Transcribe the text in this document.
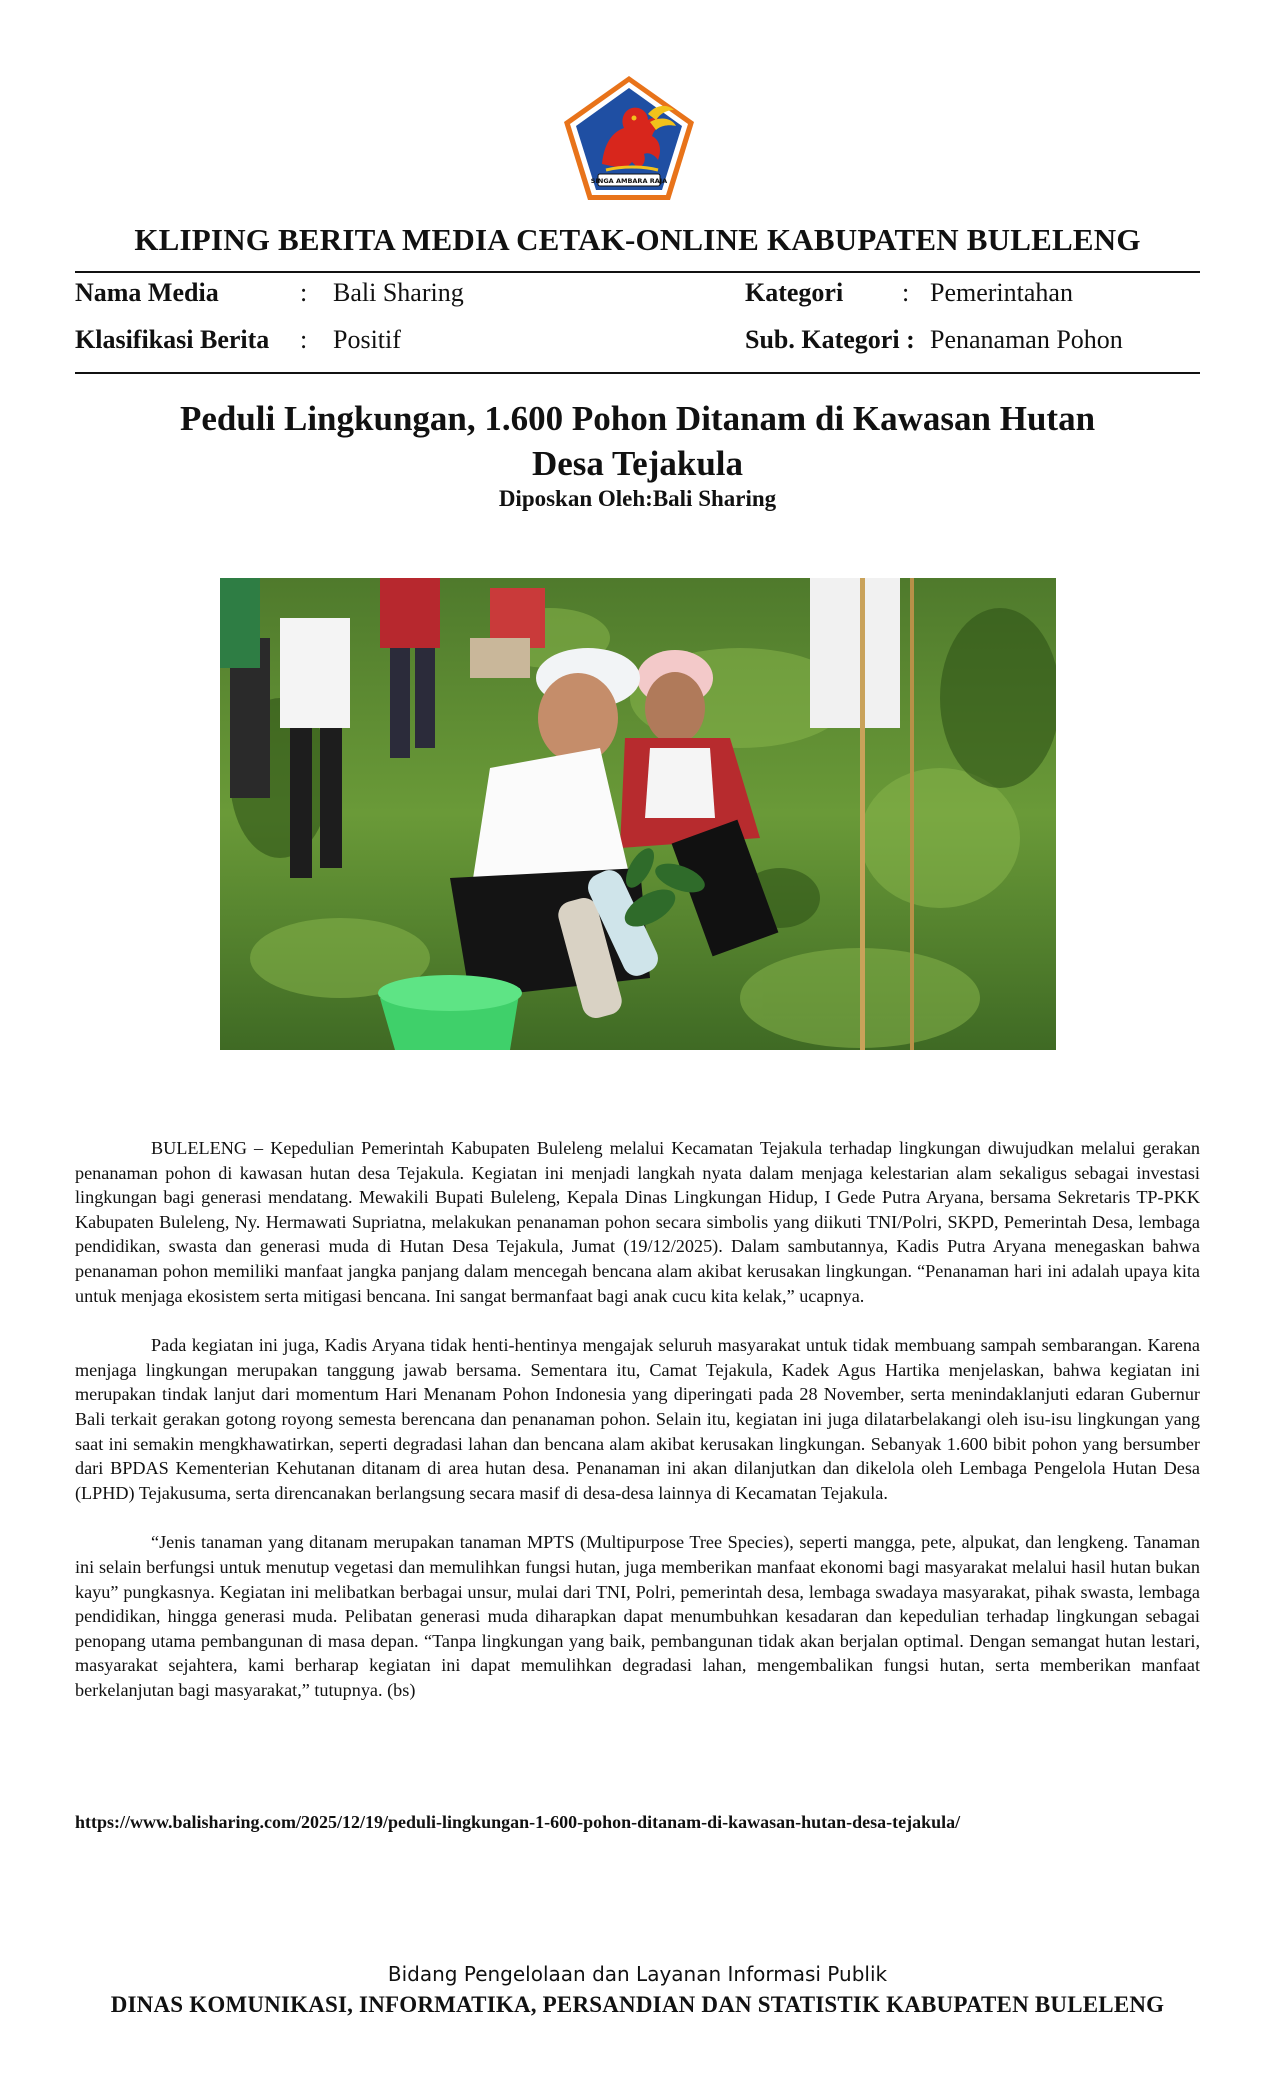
SINGA AMBARA RAJA
KLIPING BERITA MEDIA CETAK-ONLINE KABUPATEN BULELENG
Nama Media	: Bali Sharing	Kategori : Pemerintahan
Klasifikasi Berita : Positif	Sub. Kategori : Penanaman Pohon
Peduli Lingkungan, 1.600 Pohon Ditanam di Kawasan Hutan Desa Tejakula
Diposkan Oleh:Bali Sharing

BULELENG – Kepedulian Pemerintah Kabupaten Buleleng melalui Kecamatan Tejakula terhadap lingkungan diwujudkan melalui gerakan penanaman pohon di kawasan hutan desa Tejakula. Kegiatan ini menjadi langkah nyata dalam menjaga kelestarian alam sekaligus sebagai investasi lingkungan bagi generasi mendatang. Mewakili Bupati Buleleng, Kepala Dinas Lingkungan Hidup, I Gede Putra Aryana, bersama Sekretaris TP-PKK Kabupaten Buleleng, Ny. Hermawati Supriatna, melakukan penanaman pohon secara simbolis yang diikuti TNI/Polri, SKPD, Pemerintah Desa, lembaga pendidikan, swasta dan generasi muda di Hutan Desa Tejakula, Jumat (19/12/2025). Dalam sambutannya, Kadis Putra Aryana menegaskan bahwa penanaman pohon memiliki manfaat jangka panjang dalam mencegah bencana alam akibat kerusakan lingkungan. “Penanaman hari ini adalah upaya kita untuk menjaga ekosistem serta mitigasi bencana. Ini sangat bermanfaat bagi anak cucu kita kelak,” ucapnya.

Pada kegiatan ini juga, Kadis Aryana tidak henti-hentinya mengajak seluruh masyarakat untuk tidak membuang sampah sembarangan. Karena menjaga lingkungan merupakan tanggung jawab bersama. Sementara itu, Camat Tejakula, Kadek Agus Hartika menjelaskan, bahwa kegiatan ini merupakan tindak lanjut dari momentum Hari Menanam Pohon Indonesia yang diperingati pada 28 November, serta menindaklanjuti edaran Gubernur Bali terkait gerakan gotong royong semesta berencana dan penanaman pohon. Selain itu, kegiatan ini juga dilatarbelakangi oleh isu-isu lingkungan yang saat ini semakin mengkhawatirkan, seperti degradasi lahan dan bencana alam akibat kerusakan lingkungan. Sebanyak 1.600 bibit pohon yang bersumber dari BPDAS Kementerian Kehutanan ditanam di area hutan desa. Penanaman ini akan dilanjutkan dan dikelola oleh Lembaga Pengelola Hutan Desa (LPHD) Tejakusuma, serta direncanakan berlangsung secara masif di desa-desa lainnya di Kecamatan Tejakula.

“Jenis tanaman yang ditanam merupakan tanaman MPTS (Multipurpose Tree Species), seperti mangga, pete, alpukat, dan lengkeng. Tanaman ini selain berfungsi untuk menutup vegetasi dan memulihkan fungsi hutan, juga memberikan manfaat ekonomi bagi masyarakat melalui hasil hutan bukan kayu” pungkasnya. Kegiatan ini melibatkan berbagai unsur, mulai dari TNI, Polri, pemerintah desa, lembaga swadaya masyarakat, pihak swasta, lembaga pendidikan, hingga generasi muda. Pelibatan generasi muda diharapkan dapat menumbuhkan kesadaran dan kepedulian terhadap lingkungan sebagai penopang utama pembangunan di masa depan. “Tanpa lingkungan yang baik, pembangunan tidak akan berjalan optimal. Dengan semangat hutan lestari, masyarakat sejahtera, kami berharap kegiatan ini dapat memulihkan degradasi lahan, mengembalikan fungsi hutan, serta memberikan manfaat berkelanjutan bagi masyarakat,” tutupnya. (bs)

https://www.balisharing.com/2025/12/19/peduli-lingkungan-1-600-pohon-ditanam-di-kawasan-hutan-desa-tejakula/
Bidang Pengelolaan dan Layanan Informasi Publik
DINAS KOMUNIKASI, INFORMATIKA, PERSANDIAN DAN STATISTIK KABUPATEN BULELENG
